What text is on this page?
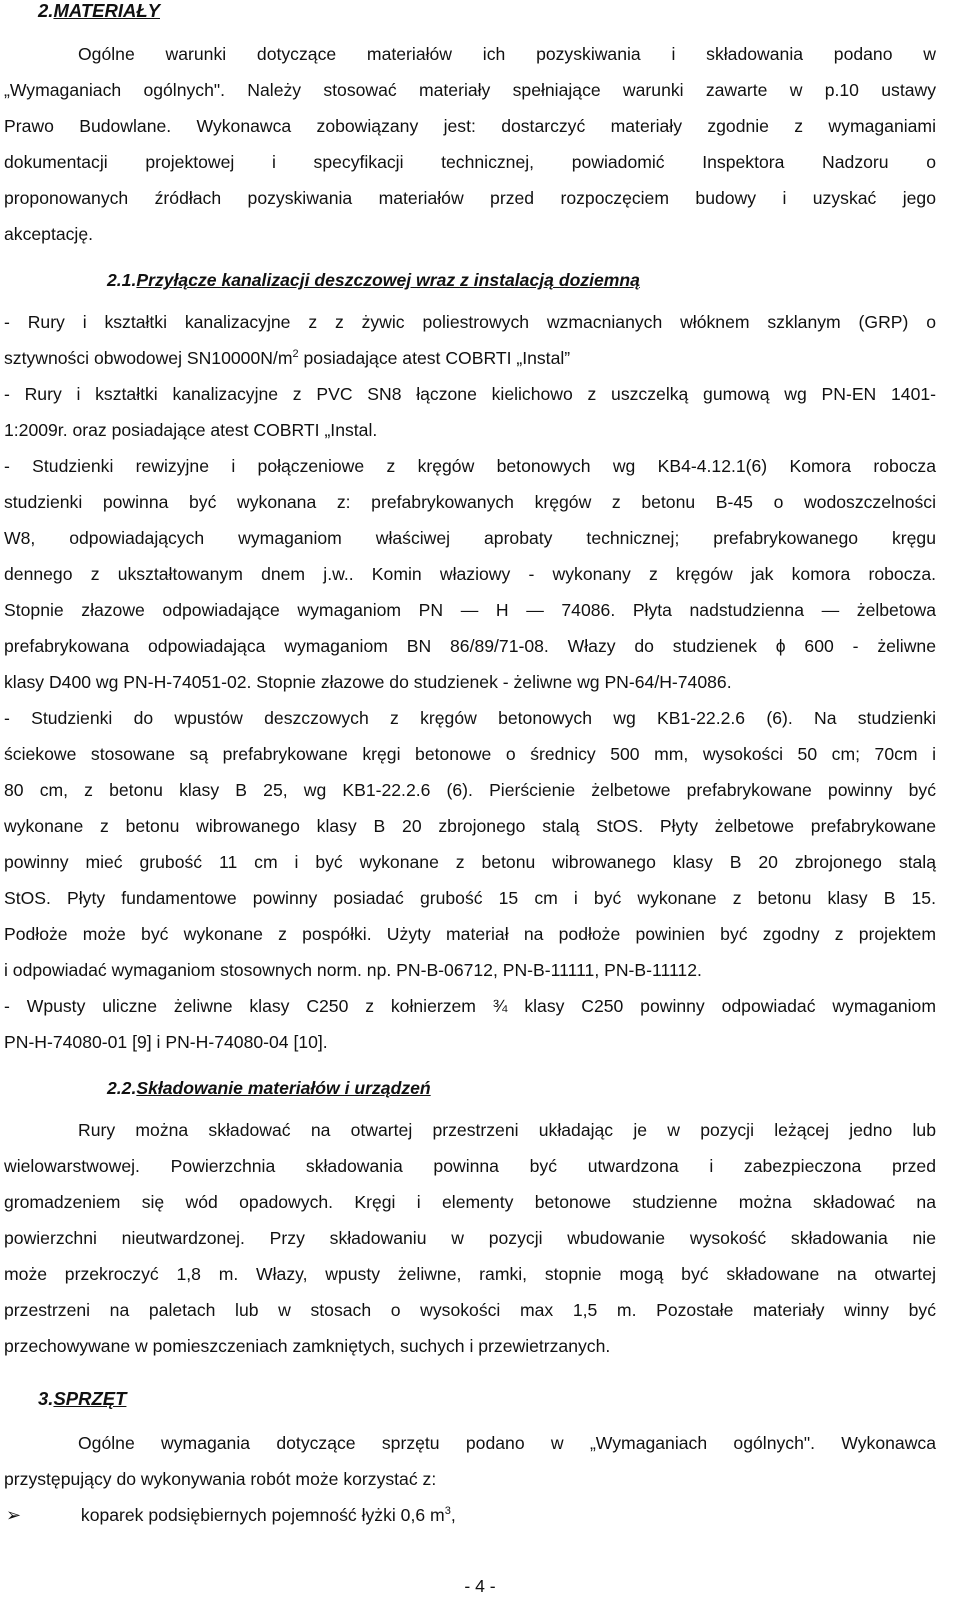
2.MATERIAŁY
Ogólne warunki dotyczące materiałów ich pozyskiwania i składowania podano w
„Wymaganiach ogólnych". Należy stosować materiały spełniające warunki zawarte w p.10 ustawy
Prawo Budowlane. Wykonawca zobowiązany jest: dostarczyć materiały zgodnie z wymaganiami
dokumentacji projektowej i specyfikacji technicznej, powiadomić Inspektora Nadzoru o
proponowanych źródłach pozyskiwania materiałów przed rozpoczęciem budowy i uzyskać jego
akceptację.
2.1.Przyłącze kanalizacji deszczowej wraz z instalacją doziemną
- Rury i kształtki kanalizacyjne z z żywic poliestrowych wzmacnianych włóknem szklanym (GRP) o
sztywności obwodowej $SN10000N/m^2$ posiadające atest COBRTI „Instal”
- Rury i kształtki kanalizacyjne z PVC SN8 łączone kielichowo z uszczelką gumową wg PN-EN 1401-
1:2009r. oraz posiadające atest COBRTI „Instal.
- Studzienki rewizyjne i połączeniowe z kręgów betonowych wg KB4-4.12.1(6) Komora robocza
studzienki powinna być wykonana z: prefabrykowanych kręgów z betonu B-45 o wodoszczelności
W8, odpowiadających wymaganiom właściwej aprobaty technicznej; prefabrykowanego kręgu
dennego z ukształtowanym dnem j.w.. Komin właziowy - wykonany z kręgów jak komora robocza.
Stopnie złazowe odpowiadające wymaganiom PN — H — 74086. Płyta nadstudzienna — żelbetowa
prefabrykowana odpowiadająca wymaganiom BN 86/89/71-08. Włazy do studzienek ϕ 600 - żeliwne
klasy D400 wg PN-H-74051-02. Stopnie złazowe do studzienek - żeliwne wg PN-64/H-74086.
- Studzienki do wpustów deszczowych z kręgów betonowych wg KB1-22.2.6 (6). Na studzienki
ściekowe stosowane są prefabrykowane kręgi betonowe o średnicy 500 mm, wysokości 50 cm; 70cm i
80 cm, z betonu klasy B 25, wg KB1-22.2.6 (6). Pierścienie żelbetowe prefabrykowane powinny być
wykonane z betonu wibrowanego klasy B 20 zbrojonego stalą StOS. Płyty żelbetowe prefabrykowane
powinny mieć grubość 11 cm i być wykonane z betonu wibrowanego klasy B 20 zbrojonego stalą
StOS. Płyty fundamentowe powinny posiadać grubość 15 cm i być wykonane z betonu klasy B 15.
Podłoże może być wykonane z pospółki. Użyty materiał na podłoże powinien być zgodny z projektem
i odpowiadać wymaganiom stosownych norm. np. PN-B-06712, PN-B-11111, PN-B-11112.
- Wpusty uliczne żeliwne klasy C250 z kołnierzem ¾ klasy C250 powinny odpowiadać wymaganiom
PN-H-74080-01 [9] i PN-H-74080-04 [10].
2.2.Składowanie materiałów i urządzeń
Rury można składować na otwartej przestrzeni układając je w pozycji leżącej jedno lub
wielowarstwowej. Powierzchnia składowania powinna być utwardzona i zabezpieczona przed
gromadzeniem się wód opadowych. Kręgi i elementy betonowe studzienne można składować na
powierzchni nieutwardzonej. Przy składowaniu w pozycji wbudowanie wysokość składowania nie
może przekroczyć 1,8 m. Włazy, wpusty żeliwne, ramki, stopnie mogą być składowane na otwartej
przestrzeni na paletach lub w stosach o wysokości max 1,5 m. Pozostałe materiały winny być
przechowywane w pomieszczeniach zamkniętych, suchych i przewietrzanych.
3.SPRZĘT
Ogólne wymagania dotyczące sprzętu podano w „Wymaganiach ogólnych". Wykonawca
przystępujący do wykonywania robót może korzystać z:
➢	koparek podsiębiernych pojemność łyżki 0,6 $m^3$,
- 4 -
